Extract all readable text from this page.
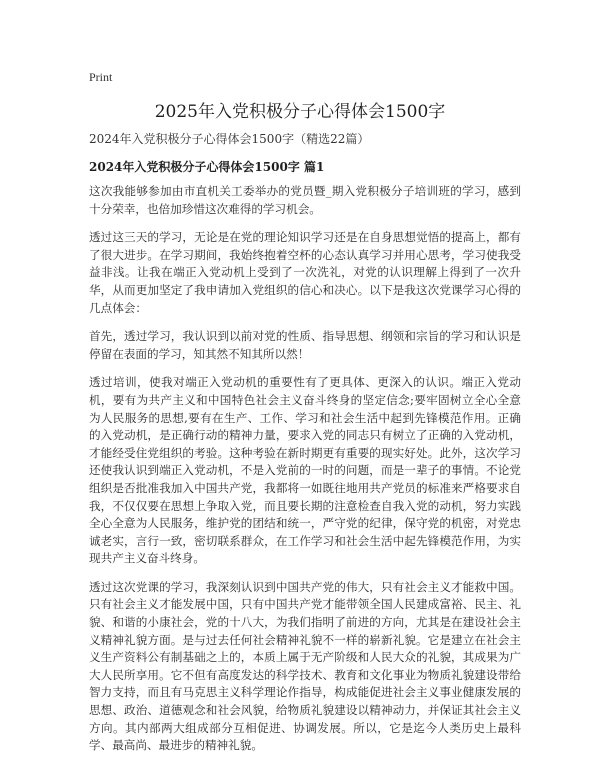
Print
2025年入党积极分子心得体会1500字

2024年入党积极分子心得体会1500字（精选22篇）

2024年入党积极分子心得体会1500字 篇1

这次我能够参加由市直机关工委举办的党员暨_期入党积极分子培训班的学习，感到十分荣幸，也倍加珍惜这次难得的学习机会。

透过这三天的学习，无论是在党的理论知识学习还是在自身思想觉悟的提高上，都有了很大进步。在学习期间，我始终抱着空杯的心态认真学习并用心思考，学习使我受益非浅。让我在端正入党动机上受到了一次洗礼，对党的认识理解上得到了一次升华，从而更加坚定了我申请加入党组织的信心和决心。以下是我这次党课学习心得的几点体会：

首先，透过学习，我认识到以前对党的性质、指导思想、纲领和宗旨的学习和认识是停留在表面的学习，知其然不知其所以然！

透过培训，使我对端正入党动机的重要性有了更具体、更深入的认识。端正入党动机，要有为共产主义和中国特色社会主义奋斗终身的坚定信念;要牢固树立全心全意为人民服务的思想,要有在生产、工作、学习和社会生活中起到先锋模范作用。正确的入党动机，是正确行动的精神力量，要求入党的同志只有树立了正确的入党动机，才能经受住党组织的考验。这种考验在新时期更有重要的现实好处。此外，这次学习还使我认识到端正入党动机，不是入党前的一时的问题，而是一辈子的事情。不论党组织是否批准我加入中国共产党，我都将一如既往地用共产党员的标准来严格要求自我，不仅仅要在思想上争取入党，而且要长期的注意检查自我入党的动机，努力实践全心全意为人民服务，维护党的团结和统一，严守党的纪律，保守党的机密，对党忠诚老实，言行一致，密切联系群众，在工作学习和社会生活中起先锋模范作用，为实现共产主义奋斗终身。

透过这次党课的学习，我深刻认识到中国共产党的伟大，只有社会主义才能救中国。只有社会主义才能发展中国，只有中国共产党才能带领全国人民建成富裕、民主、礼貌、和谐的小康社会，党的十八大，为我们指明了前进的方向，尤其是在建设社会主义精神礼貌方面。是与过去任何社会精神礼貌不一样的崭新礼貌。它是建立在社会主义生产资料公有制基础之上的，本质上属于无产阶级和人民大众的礼貌，其成果为广大人民所享用。它不但有高度发达的科学技术、教育和文化事业为物质礼貌建设带给智力支持，而且有马克思主义科学理论作指导，构成能促进社会主义事业健康发展的思想、政治、道德观念和社会风貌，给物质礼貌建设以精神动力，并保证其社会主义方向。其内部两大组成部分互相促进、协调发展。所以，它是迄今人类历史上最科学、最高尚、最进步的精神礼貌。
